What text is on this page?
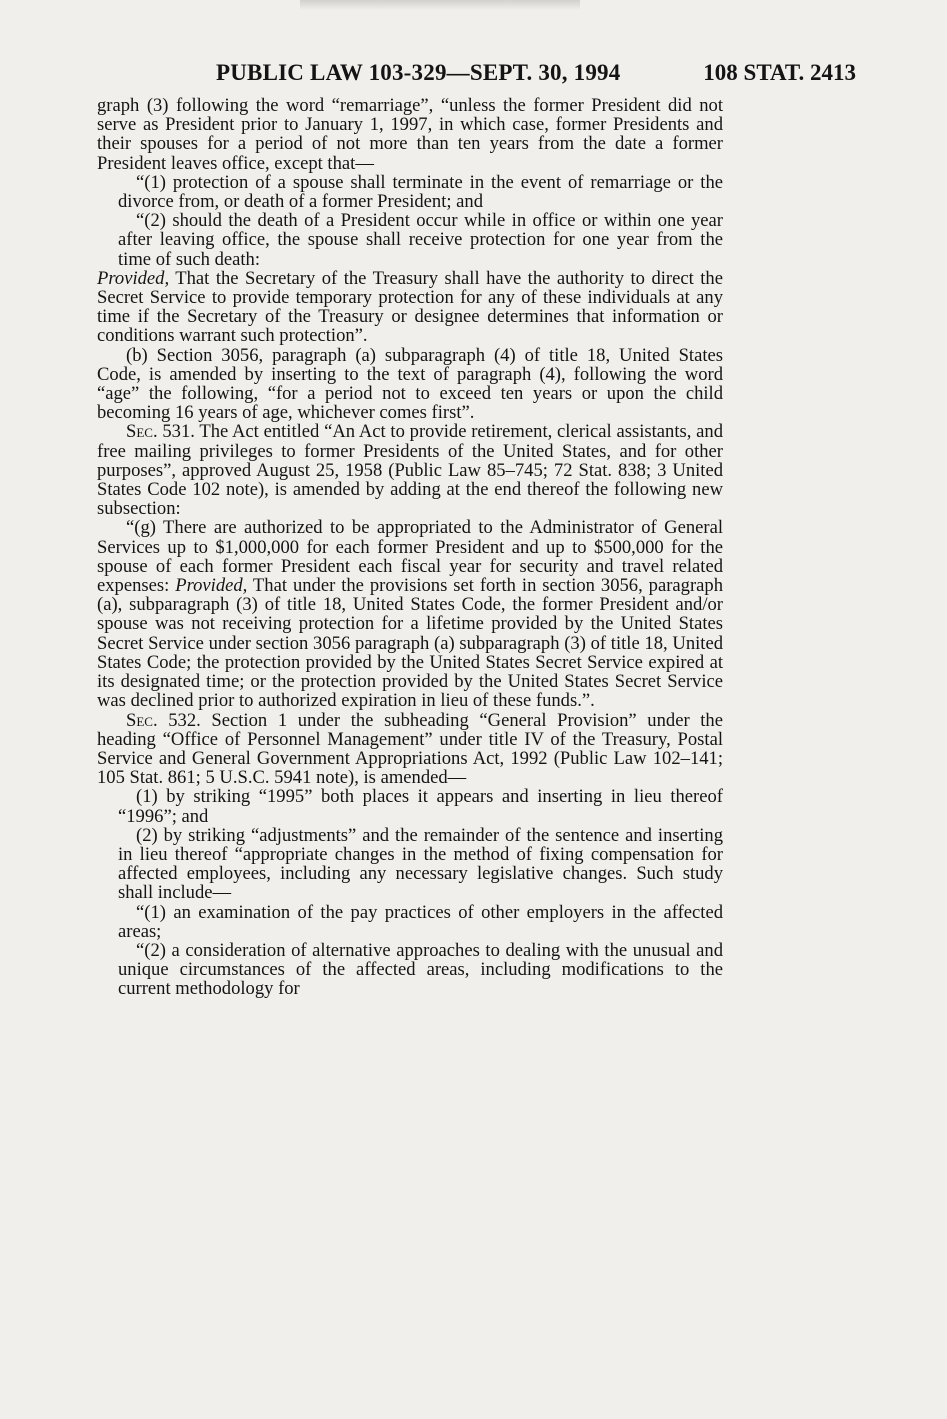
PUBLIC LAW 103-329—SEPT. 30, 1994	108 STAT. 2413

graph (3) following the word “remarriage”, “unless the former President did not serve as President prior to January 1, 1997, in which case, former Presidents and their spouses for a period of not more than ten years from the date a former President leaves office, except that—

“(1) protection of a spouse shall terminate in the event of remarriage or the divorce from, or death of a former President; and

“(2) should the death of a President occur while in office or within one year after leaving office, the spouse shall receive protection for one year from the time of such death:

Provided, That the Secretary of the Treasury shall have the authority to direct the Secret Service to provide temporary protection for any of these individuals at any time if the Secretary of the Treasury or designee determines that information or conditions warrant such protection”.

(b) Section 3056, paragraph (a) subparagraph (4) of title 18, United States Code, is amended by inserting to the text of paragraph (4), following the word “age” the following, “for a period not to exceed ten years or upon the child becoming 16 years of age, whichever comes first”.

Sec. 531. The Act entitled “An Act to provide retirement, clerical assistants, and free mailing privileges to former Presidents of the United States, and for other purposes”, approved August 25, 1958 (Public Law 85–745; 72 Stat. 838; 3 United States Code 102 note), is amended by adding at the end thereof the following new subsection:

“(g) There are authorized to be appropriated to the Administrator of General Services up to $1,000,000 for each former President and up to $500,000 for the spouse of each former President each fiscal year for security and travel related expenses: Provided, That under the provisions set forth in section 3056, paragraph (a), subparagraph (3) of title 18, United States Code, the former President and/or spouse was not receiving protection for a lifetime provided by the United States Secret Service under section 3056 paragraph (a) subparagraph (3) of title 18, United States Code; the protection provided by the United States Secret Service expired at its designated time; or the protection provided by the United States Secret Service was declined prior to authorized expiration in lieu of these funds.”.

Sec. 532. Section 1 under the subheading “General Provision” under the heading “Office of Personnel Management” under title IV of the Treasury, Postal Service and General Government Appropriations Act, 1992 (Public Law 102–141; 105 Stat. 861; 5 U.S.C. 5941 note), is amended—

(1) by striking “1995” both places it appears and inserting in lieu thereof “1996”; and

(2) by striking “adjustments” and the remainder of the sentence and inserting in lieu thereof “appropriate changes in the method of fixing compensation for affected employees, including any necessary legislative changes. Such study shall include—

“(1) an examination of the pay practices of other employers in the affected areas;

“(2) a consideration of alternative approaches to dealing with the unusual and unique circumstances of the affected areas, including modifications to the current methodology for
